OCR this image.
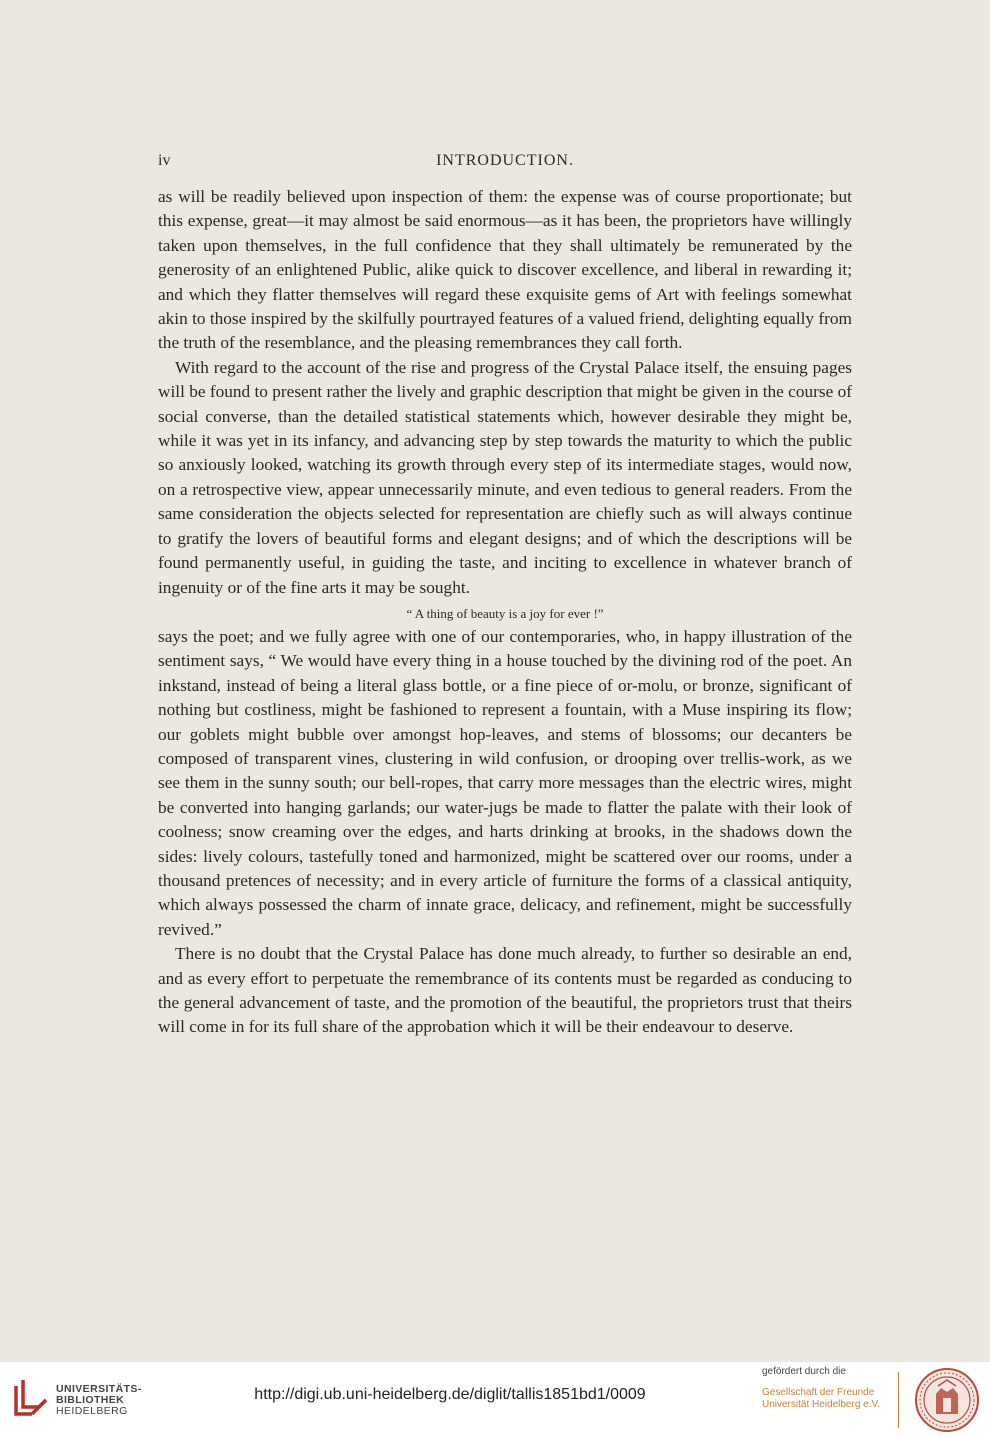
iv	INTRODUCTION.

as will be readily believed upon inspection of them: the expense was of course proportionate; but this expense, great—it may almost be said enormous—as it has been, the proprietors have willingly taken upon themselves, in the full confidence that they shall ultimately be remunerated by the generosity of an enlightened Public, alike quick to discover excellence, and liberal in rewarding it; and which they flatter themselves will regard these exquisite gems of Art with feelings somewhat akin to those inspired by the skilfully pourtrayed features of a valued friend, delighting equally from the truth of the resemblance, and the pleasing remembrances they call forth.

With regard to the account of the rise and progress of the Crystal Palace itself, the ensuing pages will be found to present rather the lively and graphic description that might be given in the course of social converse, than the detailed statistical statements which, however desirable they might be, while it was yet in its infancy, and advancing step by step towards the maturity to which the public so anxiously looked, watching its growth through every step of its intermediate stages, would now, on a retrospective view, appear unnecessarily minute, and even tedious to general readers. From the same consideration the objects selected for representation are chiefly such as will always continue to gratify the lovers of beautiful forms and elegant designs; and of which the descriptions will be found permanently useful, in guiding the taste, and inciting to excellence in whatever branch of ingenuity or of the fine arts it may be sought.

“ A thing of beauty is a joy for ever !”

says the poet; and we fully agree with one of our contemporaries, who, in happy illustration of the sentiment says, “ We would have every thing in a house touched by the divining rod of the poet. An inkstand, instead of being a literal glass bottle, or a fine piece of or-molu, or bronze, significant of nothing but costliness, might be fashioned to represent a fountain, with a Muse inspiring its flow; our goblets might bubble over amongst hop-leaves, and stems of blossoms; our decanters be composed of transparent vines, clustering in wild confusion, or drooping over trellis-work, as we see them in the sunny south; our bell-ropes, that carry more messages than the electric wires, might be converted into hanging garlands; our water-jugs be made to flatter the palate with their look of coolness; snow creaming over the edges, and harts drinking at brooks, in the shadows down the sides: lively colours, tastefully toned and harmonized, might be scattered over our rooms, under a thousand pretences of necessity; and in every article of furniture the forms of a classical antiquity, which always possessed the charm of innate grace, delicacy, and refinement, might be successfully revived.”

There is no doubt that the Crystal Palace has done much already, to further so desirable an end, and as every effort to perpetuate the remembrance of its contents must be regarded as conducing to the general advancement of taste, and the promotion of the beautiful, the proprietors trust that theirs will come in for its full share of the approbation which it will be their endeavour to deserve.

UNIVERSITÄTS-
BIBLIOTHEK
HEIDELBERG
http://digi.ub.uni-heidelberg.de/diglit/tallis1851bd1/0009
gefördert durch die
Gesellschaft der Freunde
Universität Heidelberg e.V.
